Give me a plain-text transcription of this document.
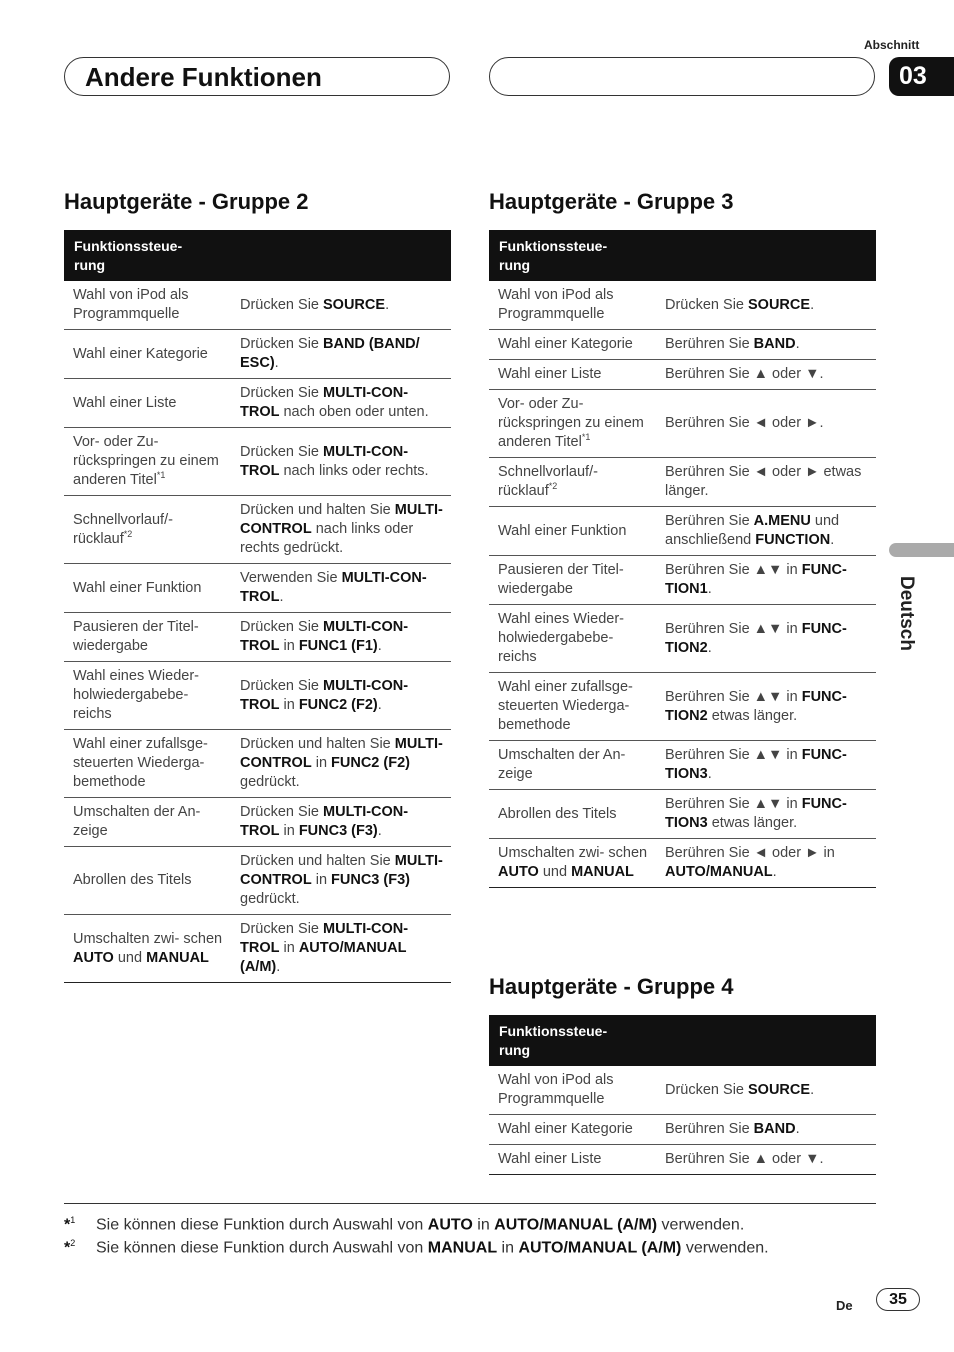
Abschnitt
Andere Funktionen	03
Deutsch
Hauptgeräte - Gruppe 2
Funktionssteue-
rung	
Wahl von iPod als Programmquelle	Drücken Sie SOURCE.
Wahl einer Kategorie	Drücken Sie BAND (BAND/ ESC).
Wahl einer Liste	Drücken Sie MULTI-CON- TROL nach oben oder unten.
Vor- oder Zu- rückspringen zu einem anderen Titel$^{*1}$	Drücken Sie MULTI-CON- TROL nach links oder rechts.
Schnellvorlauf/- rücklauf$^{*2}$	Drücken und halten Sie MULTI-CONTROL nach links oder rechts gedrückt.
Wahl einer Funktion	Verwenden Sie MULTI-CON- TROL.
Pausieren der Titel- wiedergabe	Drücken Sie MULTI-CON- TROL in FUNC1 (F1).
Wahl eines Wieder- holwiedergabebe- reichs	Drücken Sie MULTI-CON- TROL in FUNC2 (F2).
Wahl einer zufallsge- steuerten Wiederga- bemethode	Drücken und halten Sie MULTI-CONTROL in FUNC2 (F2) gedrückt.
Umschalten der An- zeige	Drücken Sie MULTI-CON- TROL in FUNC3 (F3).
Abrollen des Titels	Drücken und halten Sie MULTI-CONTROL in FUNC3 (F3) gedrückt.
Umschalten zwi- schen AUTO und MANUAL	Drücken Sie MULTI-CON- TROL in AUTO/MANUAL (A/M).
Hauptgeräte - Gruppe 3
Funktionssteue-
rung	
Wahl von iPod als Programmquelle	Drücken Sie SOURCE.
Wahl einer Kategorie	Berühren Sie BAND.
Wahl einer Liste	Berühren Sie ▲ oder ▼.
Vor- oder Zu- rückspringen zu einem anderen Titel$^{*1}$	Berühren Sie ◄ oder ►.
Schnellvorlauf/- rücklauf$^{*2}$	Berühren Sie ◄ oder ► etwas länger.
Wahl einer Funktion	Berühren Sie A.MENU und anschließend FUNCTION.
Pausieren der Titel- wiedergabe	Berühren Sie ▲▼ in FUNC- TION1.
Wahl eines Wieder- holwiedergabebe- reichs	Berühren Sie ▲▼ in FUNC- TION2.
Wahl einer zufallsge- steuerten Wiederga- bemethode	Berühren Sie ▲▼ in FUNC- TION2 etwas länger.
Umschalten der An- zeige	Berühren Sie ▲▼ in FUNC- TION3.
Abrollen des Titels	Berühren Sie ▲▼ in FUNC- TION3 etwas länger.
Umschalten zwi- schen AUTO und MANUAL	Berühren Sie ◄ oder ► in AUTO/MANUAL.
Hauptgeräte - Gruppe 4
Funktionssteue-
rung	
Wahl von iPod als Programmquelle	Drücken Sie SOURCE.
Wahl einer Kategorie	Berühren Sie BAND.
Wahl einer Liste	Berühren Sie ▲ oder ▼.
*$^1$ Sie können diese Funktion durch Auswahl von AUTO in AUTO/MANUAL (A/M) verwenden.
*$^2$ Sie können diese Funktion durch Auswahl von MANUAL in AUTO/MANUAL (A/M) verwenden.
De	35
